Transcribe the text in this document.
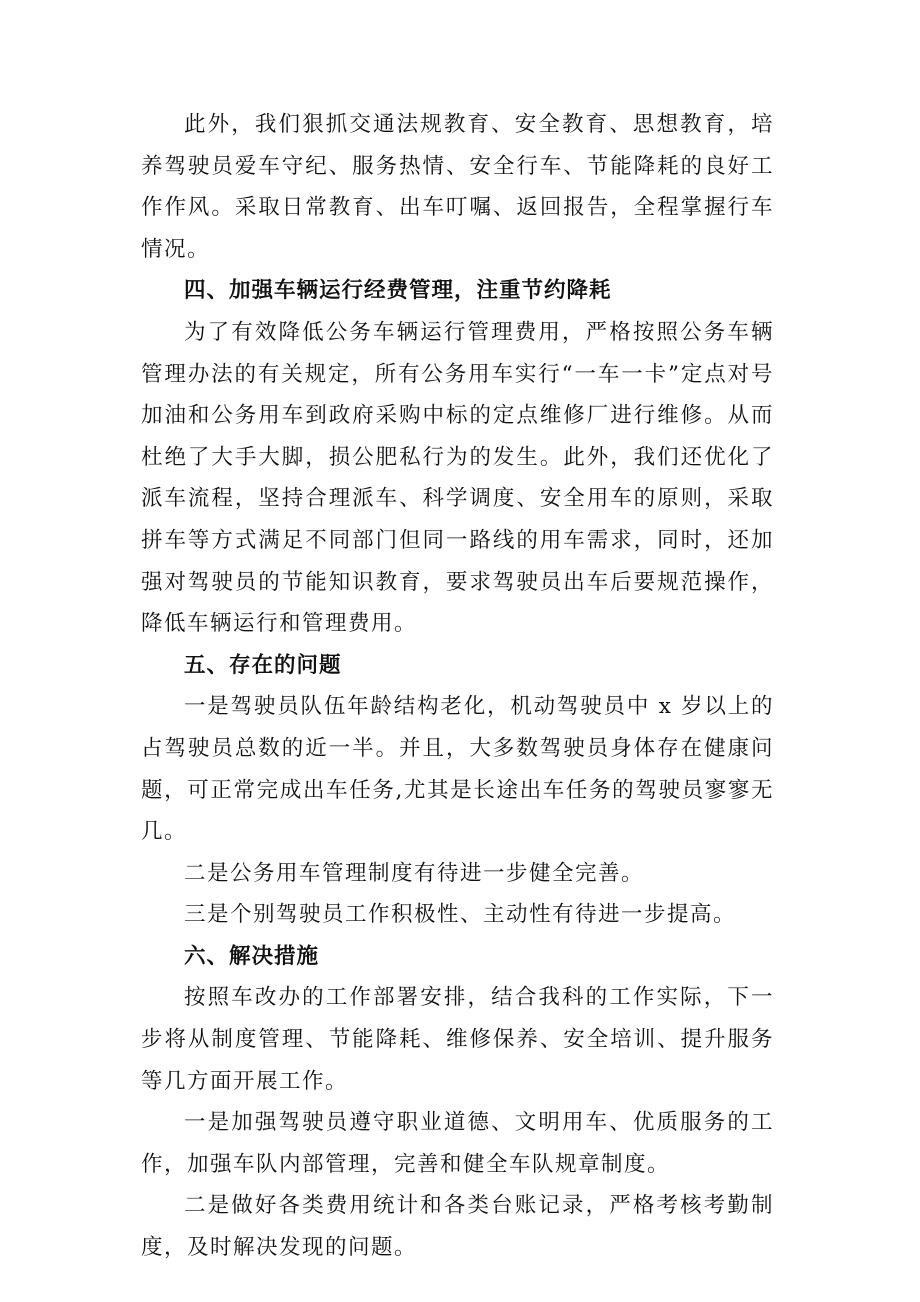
此外，我们狠抓交通法规教育、安全教育、思想教育，培养驾驶员爱车守纪、服务热情、安全行车、节能降耗的良好工作作风。采取日常教育、出车叮嘱、返回报告，全程掌握行车情况。

四、加强车辆运行经费管理，注重节约降耗

为了有效降低公务车辆运行管理费用，严格按照公务车辆管理办法的有关规定，所有公务用车实行“一车一卡”定点对号加油和公务用车到政府采购中标的定点维修厂进行维修。从而杜绝了大手大脚，损公肥私行为的发生。此外，我们还优化了派车流程，坚持合理派车、科学调度、安全用车的原则，采取拼车等方式满足不同部门但同一路线的用车需求，同时，还加强对驾驶员的节能知识教育，要求驾驶员出车后要规范操作，降低车辆运行和管理费用。

五、存在的问题

一是驾驶员队伍年龄结构老化，机动驾驶员中 x 岁以上的占驾驶员总数的近一半。并且，大多数驾驶员身体存在健康问题，可正常完成出车任务,尤其是长途出车任务的驾驶员寥寥无几。

二是公务用车管理制度有待进一步健全完善。

三是个别驾驶员工作积极性、主动性有待进一步提高。

六、解决措施

按照车改办的工作部署安排，结合我科的工作实际，下一步将从制度管理、节能降耗、维修保养、安全培训、提升服务等几方面开展工作。

一是加强驾驶员遵守职业道德、文明用车、优质服务的工作，加强车队内部管理，完善和健全车队规章制度。

二是做好各类费用统计和各类台账记录，严格考核考勤制度，及时解决发现的问题。
